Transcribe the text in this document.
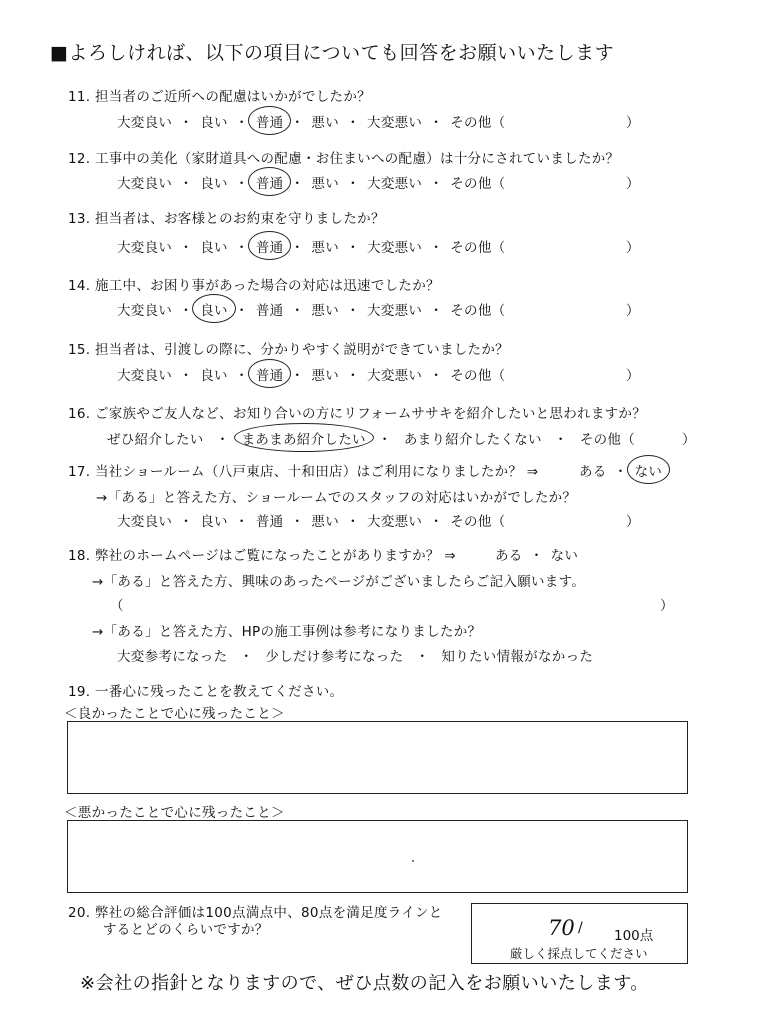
■よろしければ、以下の項目についても回答をお願いいたします
11. 担当者のご近所への配慮はいかがでしたか？
大変良い ・ 良い ・ 普通 ・ 悪い ・ 大変悪い ・ その他（	）
12. 工事中の美化（家財道具への配慮・お住まいへの配慮）は十分にされていましたか？
大変良い ・ 良い ・ 普通 ・ 悪い ・ 大変悪い ・ その他（	）
13. 担当者は、お客様とのお約束を守りましたか？
大変良い ・ 良い ・ 普通 ・ 悪い ・ 大変悪い ・ その他（	）
14. 施工中、お困り事があった場合の対応は迅速でしたか？
大変良い ・ 良い ・ 普通 ・ 悪い ・ 大変悪い ・ その他（	）
15. 担当者は、引渡しの際に、分かりやすく説明ができていましたか？
大変良い ・ 良い ・ 普通 ・ 悪い ・ 大変悪い ・ その他（	）
16. ご家族やご友人など、お知り合いの方にリフォームササキを紹介したいと思われますか？
ぜひ紹介したい ・ まあまあ紹介したい ・ あまり紹介したくない ・ その他（	）
17. 当社ショールーム（八戸東店、十和田店）はご利用になりましたか？ ⇒	ある ・ ない
→「ある」と答えた方、ショールームでのスタッフの対応はいかがでしたか？
大変良い ・ 良い ・ 普通 ・ 悪い ・ 大変悪い ・ その他（	）
18. 弊社のホームページはご覧になったことがありますか？ ⇒	ある ・ ない
→「ある」と答えた方、興味のあったページがございましたらご記入願います。
（	）
→「ある」と答えた方、HPの施工事例は参考になりましたか？
大変参考になった ・ 少しだけ参考になった ・ 知りたい情報がなかった
19. 一番心に残ったことを教えてください。
＜良かったことで心に残ったこと＞
＜悪かったことで心に残ったこと＞
20. 弊社の総合評価は100点満点中、80点を満足度ラインと
するとどのくらいですか？	70 / 100点
厳しく採点してください
※会社の指針となりますので、ぜひ点数の記入をお願いいたします。
